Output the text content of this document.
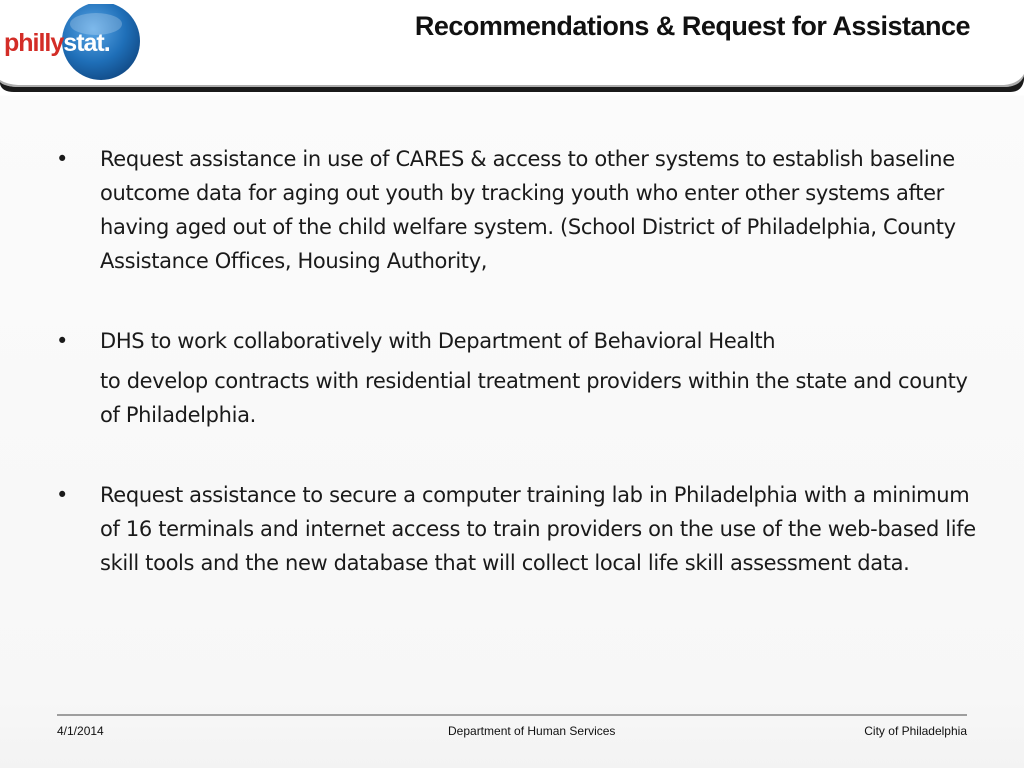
phillystat.
Recommendations & Request for Assistance
•	Request assistance in use of CARES & access to other systems to establish baseline outcome data for aging out youth by tracking youth who enter other systems after having aged out of the child welfare system. (School District of Philadelphia, County Assistance Offices, Housing Authority,
•	DHS to work collaboratively with Department of Behavioral Health
to develop contracts with residential treatment providers within the state and county of Philadelphia.
•	Request assistance to secure a computer training lab in Philadelphia with a minimum of 16 terminals and internet access to train providers on the use of the web-based life skill tools and the new database that will collect local life skill assessment data.
4/1/2014	Department of Human Services	City of Philadelphia
